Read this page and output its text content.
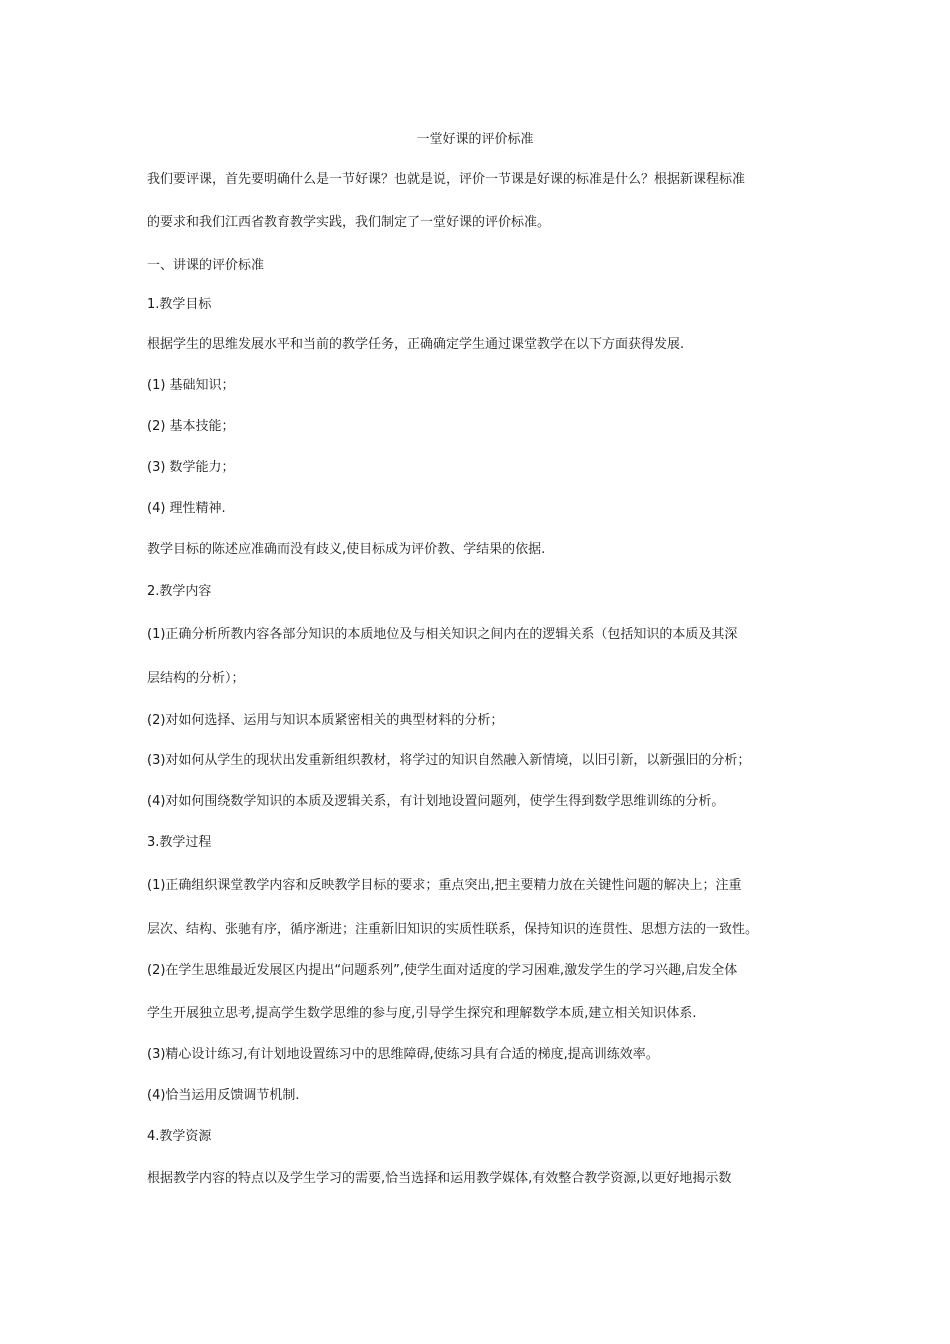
一堂好课的评价标准

我们要评课，首先要明确什么是一节好课？也就是说，评价一节课是好课的标准是什么？根据新课程标准

的要求和我们江西省教育教学实践，我们制定了一堂好课的评价标准。

一、讲课的评价标准

1.教学目标

根据学生的思维发展水平和当前的教学任务，正确确定学生通过课堂教学在以下方面获得发展.

(1) 基础知识；

(2) 基本技能；

(3) 数学能力；

(4) 理性精神.

教学目标的陈述应准确而没有歧义,使目标成为评价教、学结果的依据.

2.教学内容

(1)正确分析所教内容各部分知识的本质地位及与相关知识之间内在的逻辑关系（包括知识的本质及其深

层结构的分析）；

(2)对如何选择、运用与知识本质紧密相关的典型材料的分析；

(3)对如何从学生的现状出发重新组织教材，将学过的知识自然融入新情境，以旧引新，以新强旧的分析；

(4)对如何围绕数学知识的本质及逻辑关系，有计划地设置问题列，使学生得到数学思维训练的分析。

3.教学过程

(1)正确组织课堂教学内容和反映教学目标的要求；重点突出,把主要精力放在关键性问题的解决上；注重

层次、结构、张驰有序，循序渐进；注重新旧知识的实质性联系，保持知识的连贯性、思想方法的一致性。

(2)在学生思维最近发展区内提出“问题系列”,使学生面对适度的学习困难,激发学生的学习兴趣,启发全体

学生开展独立思考,提高学生数学思维的参与度,引导学生探究和理解数学本质,建立相关知识体系.

(3)精心设计练习,有计划地设置练习中的思维障碍,使练习具有合适的梯度,提高训练效率。

(4)恰当运用反馈调节机制.

4.教学资源

根据教学内容的特点以及学生学习的需要,恰当选择和运用教学媒体,有效整合教学资源,以更好地揭示数
